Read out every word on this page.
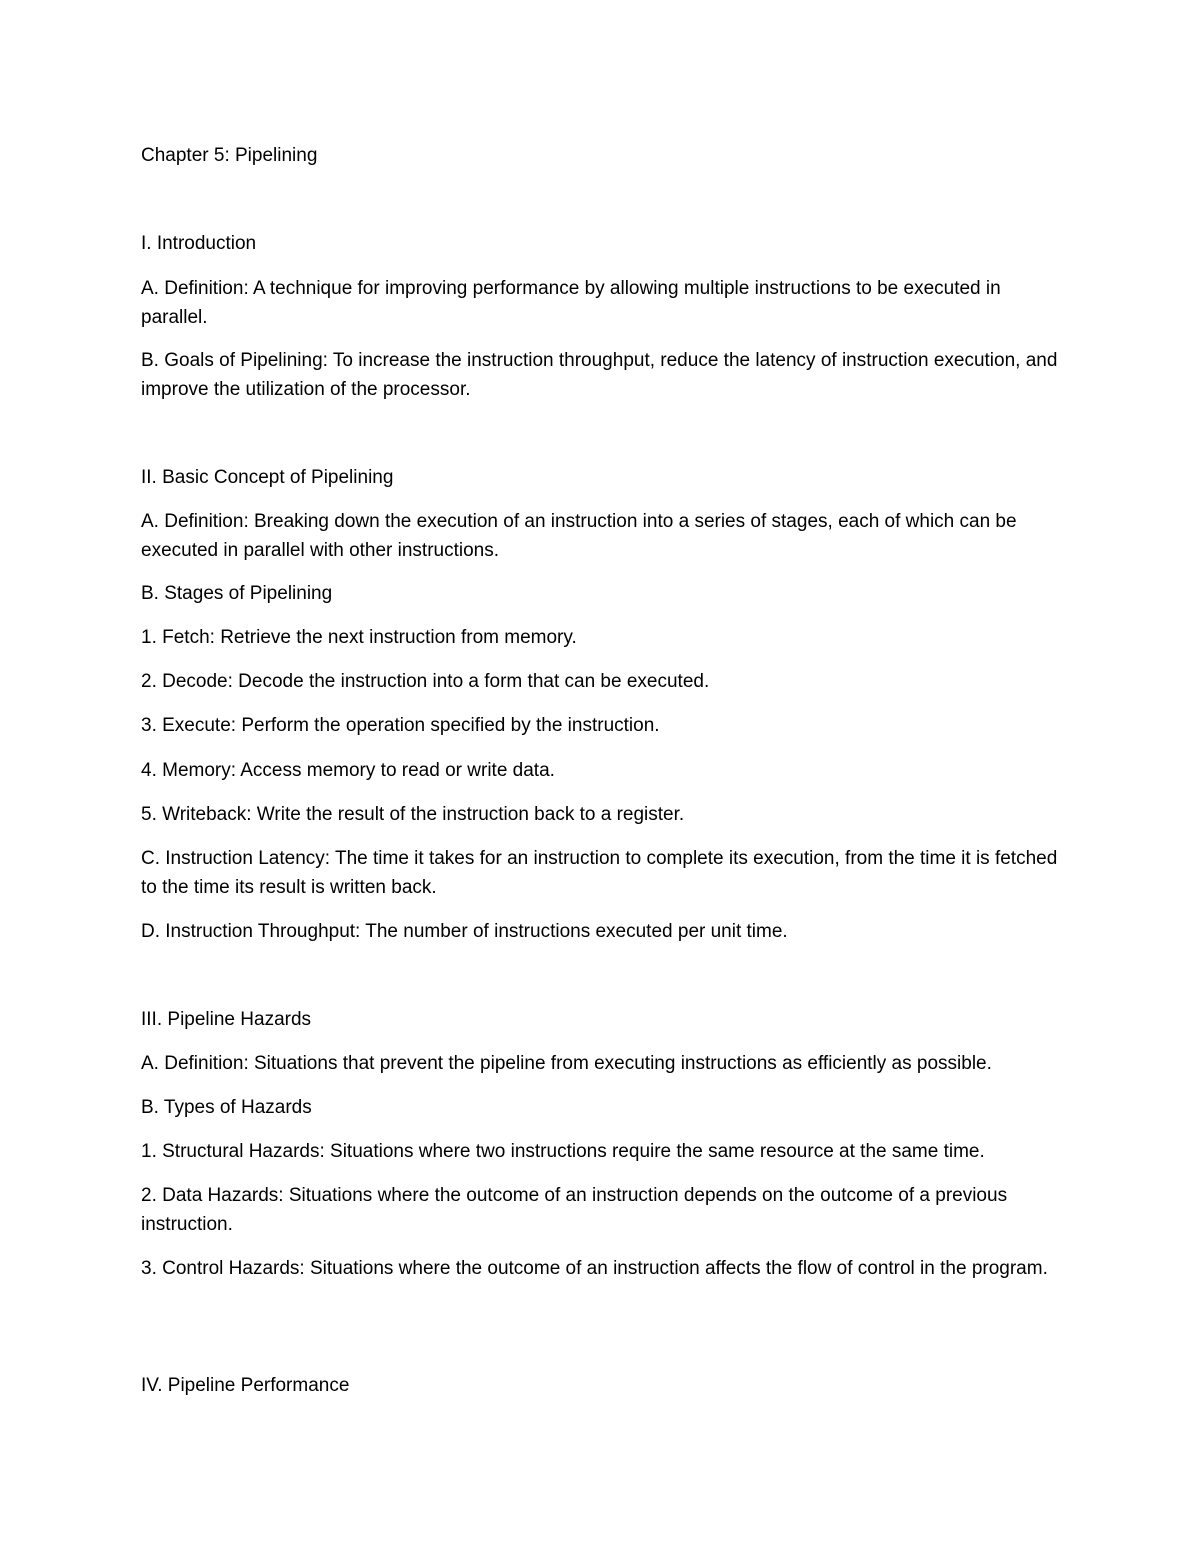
Chapter 5: Pipelining
I. Introduction
A. Definition: A technique for improving performance by allowing multiple instructions to be executed in parallel.
B. Goals of Pipelining: To increase the instruction throughput, reduce the latency of instruction execution, and improve the utilization of the processor.
II. Basic Concept of Pipelining
A. Definition: Breaking down the execution of an instruction into a series of stages, each of which can be executed in parallel with other instructions.
B. Stages of Pipelining
1. Fetch: Retrieve the next instruction from memory.
2. Decode: Decode the instruction into a form that can be executed.
3. Execute: Perform the operation specified by the instruction.
4. Memory: Access memory to read or write data.
5. Writeback: Write the result of the instruction back to a register.
C. Instruction Latency: The time it takes for an instruction to complete its execution, from the time it is fetched to the time its result is written back.
D. Instruction Throughput: The number of instructions executed per unit time.
III. Pipeline Hazards
A. Definition: Situations that prevent the pipeline from executing instructions as efficiently as possible.
B. Types of Hazards
1. Structural Hazards: Situations where two instructions require the same resource at the same time.
2. Data Hazards: Situations where the outcome of an instruction depends on the outcome of a previous instruction.
3. Control Hazards: Situations where the outcome of an instruction affects the flow of control in the program.
IV. Pipeline Performance
